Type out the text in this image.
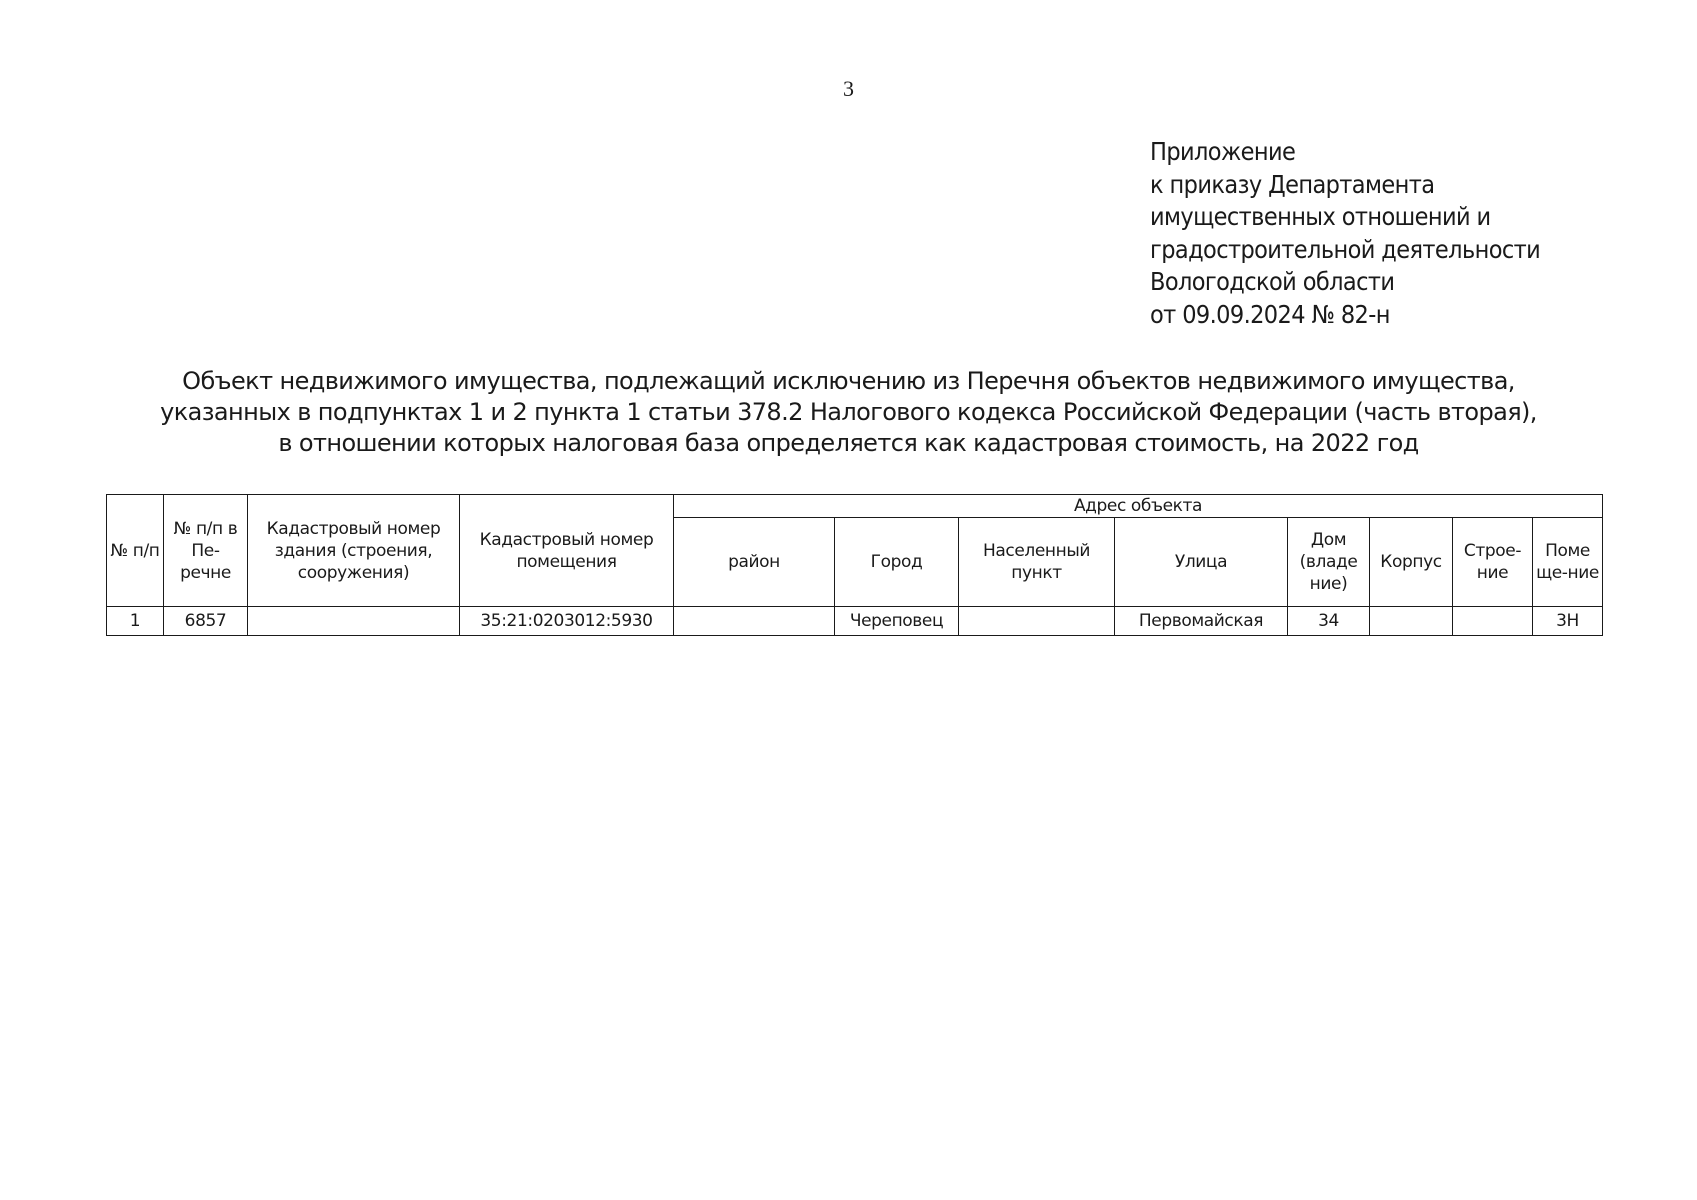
3
Приложение
к приказу Департамента
имущественных отношений и
градостроительной деятельности
Вологодской области
от 09.09.2024 № 82-н
Объект недвижимого имущества, подлежащий исключению из Перечня объектов недвижимого имущества,
указанных в подпунктах 1 и 2 пункта 1 статьи 378.2 Налогового кодекса Российской Федерации (часть вторая),
в отношении которых налоговая база определяется как кадастровая стоимость, на 2022 год
№ п/п	№ п/п в Пе-речне	Кадастровый номер здания (строения, сооружения)	Кадастровый номер помещения	Адрес объекта							
				район	Город	Населенный пункт	Улица	Дом (владе ние)	Корпус	Строе-ние	Поме ще-ние
1	6857		35:21:0203012:5930		Череповец		Первомайская	34			3Н
